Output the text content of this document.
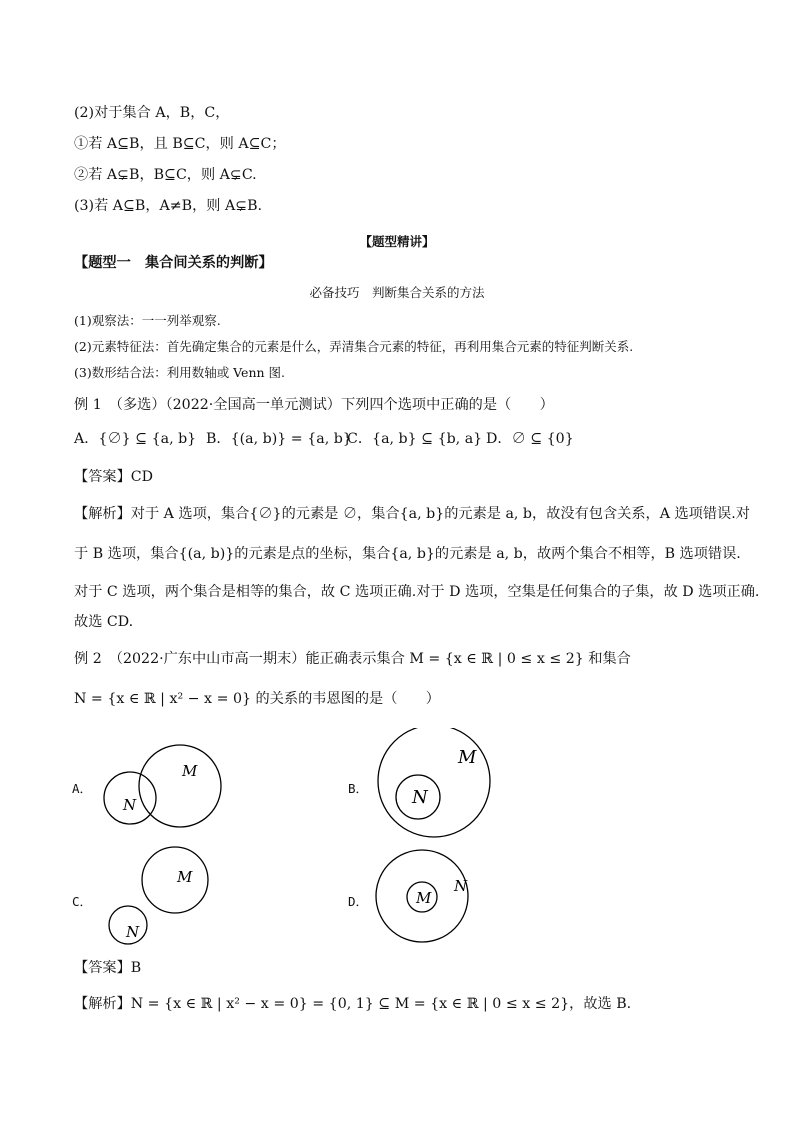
(2)对于集合 A，B，C，
①若 A⊆B，且 B⊆C，则 A⊆C；
②若 A⊊B，B⊆C，则 A⊊C.
(3)若 A⊆B，A≠B，则 A⊊B.
【题型精讲】
【题型一　集合间关系的判断】
必备技巧　判断集合关系的方法
(1)观察法：一一列举观察.
(2)元素特征法：首先确定集合的元素是什么，弄清集合元素的特征，再利用集合元素的特征判断关系.
(3)数形结合法：利用数轴或 Venn 图.
例 1　（多选）（2022·全国高一单元测试）下列四个选项中正确的是（　　）
A．{∅} ⊆ {a, b} B．{(a, b)} = {a, b}
C．{a, b} ⊆ {b, a} D．∅ ⊆ {0}
【答案】CD
【解析】对于 A 选项，集合{∅}的元素是 ∅，集合{a, b}的元素是 a, b，故没有包含关系，A 选项错误.对
于 B 选项，集合{(a, b)}的元素是点的坐标，集合{a, b}的元素是 a, b，故两个集合不相等，B 选项错误.
对于 C 选项，两个集合是相等的集合，故 C 选项正确.对于 D 选项，空集是任何集合的子集，故 D 选项正确.
故选 CD.
例 2　（2022·广东中山市高一期末）能正确表示集合 M = {x ∈ ℝ | 0 ≤ x ≤ 2} 和集合
N = {x ∈ ℝ | x² − x = 0} 的关系的韦恩图的是（　　）
A．
M
N
B．
M
N
C．
M
N
D．	M
N
【答案】B
【解析】N = {x ∈ ℝ | x² − x = 0} = {0, 1} ⊆ M = {x ∈ ℝ | 0 ≤ x ≤ 2}，故选 B.
